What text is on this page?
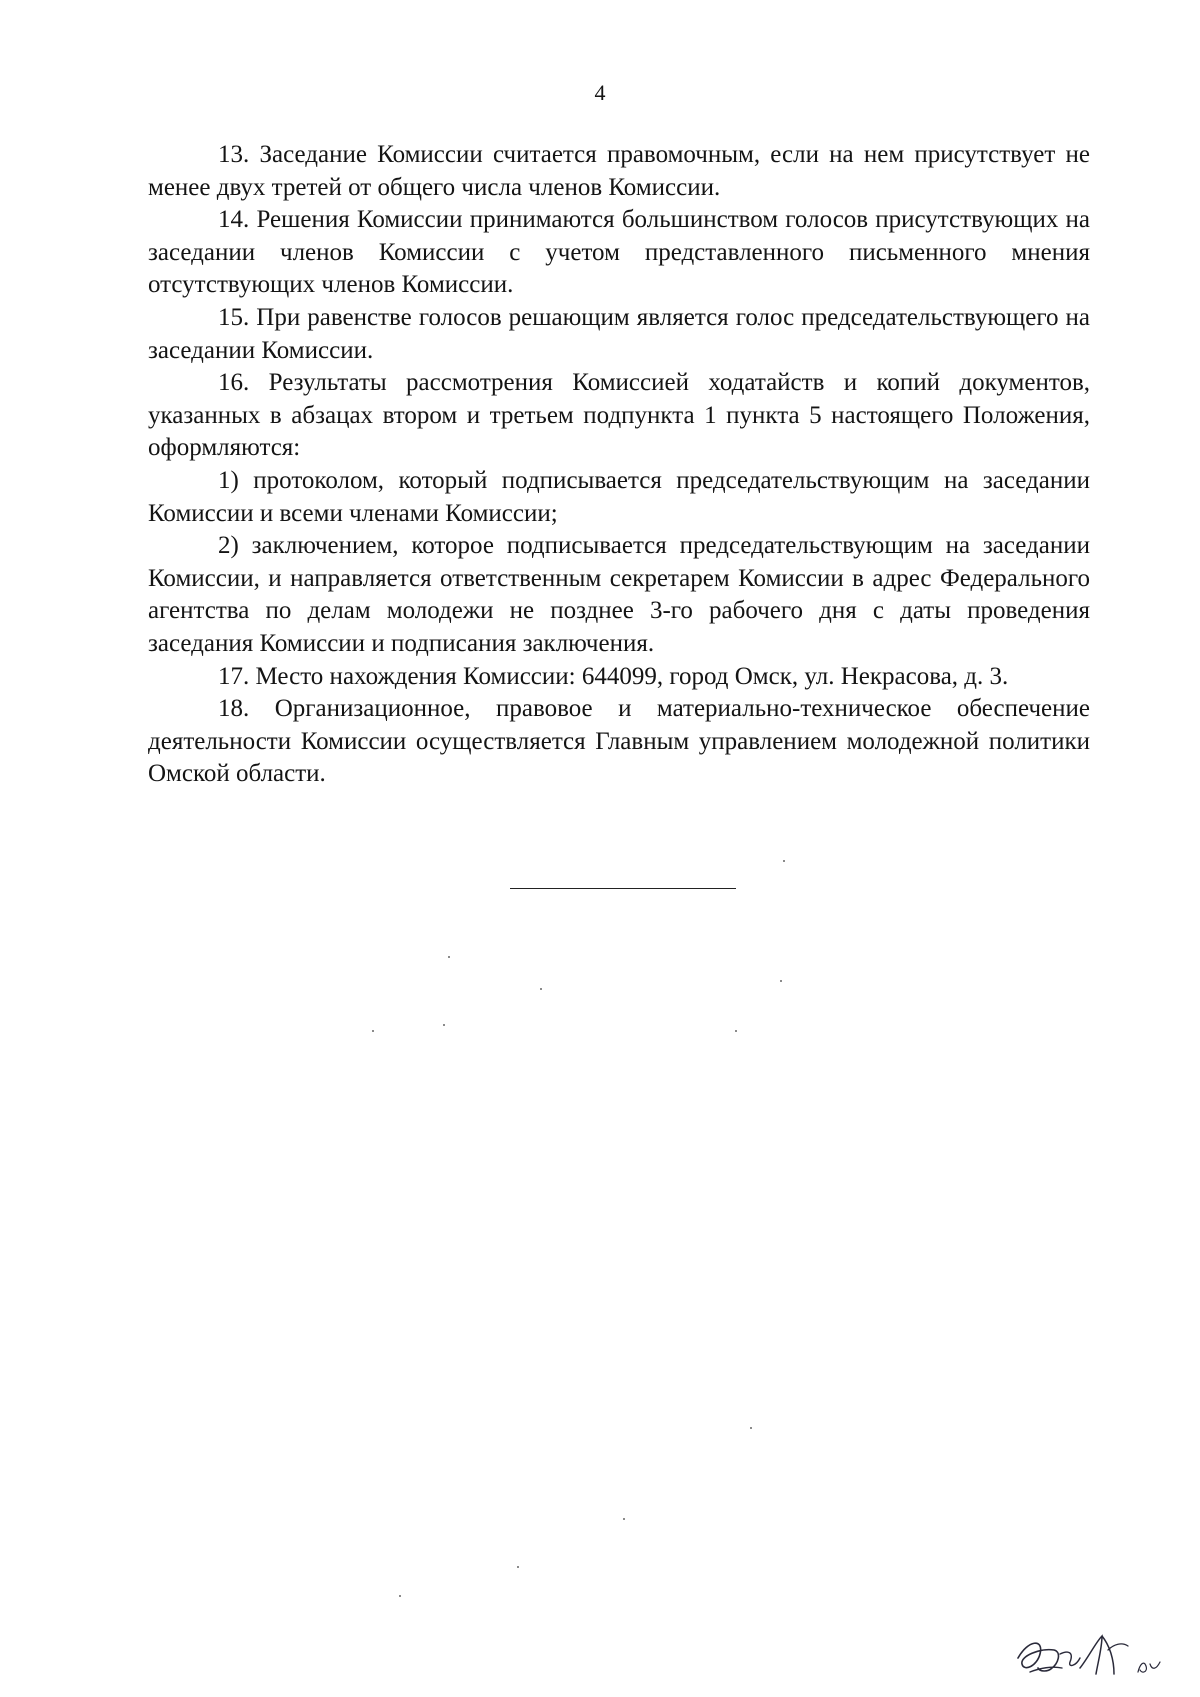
4

13. Заседание Комиссии считается правомочным, если на нем присутствует не менее двух третей от общего числа членов Комиссии.

14. Решения Комиссии принимаются большинством голосов присутствующих на заседании членов Комиссии с учетом представленного письменного мнения отсутствующих членов Комиссии.

15. При равенстве голосов решающим является голос председательствующего на заседании Комиссии.

16. Результаты рассмотрения Комиссией ходатайств и копий документов, указанных в абзацах втором и третьем подпункта 1 пункта 5 настоящего Положения, оформляются:

1) протоколом, который подписывается председательствующим на заседании Комиссии и всеми членами Комиссии;

2) заключением, которое подписывается председательствующим на заседании Комиссии, и направляется ответственным секретарем Комиссии в адрес Федерального агентства по делам молодежи не позднее 3-го рабочего дня с даты проведения заседания Комиссии и подписания заключения.

17. Место нахождения Комиссии: 644099, город Омск, ул. Некрасова, д. 3.

18. Организационное, правовое и материально-техническое обеспечение деятельности Комиссии осуществляется Главным управлением молодежной политики Омской области.
